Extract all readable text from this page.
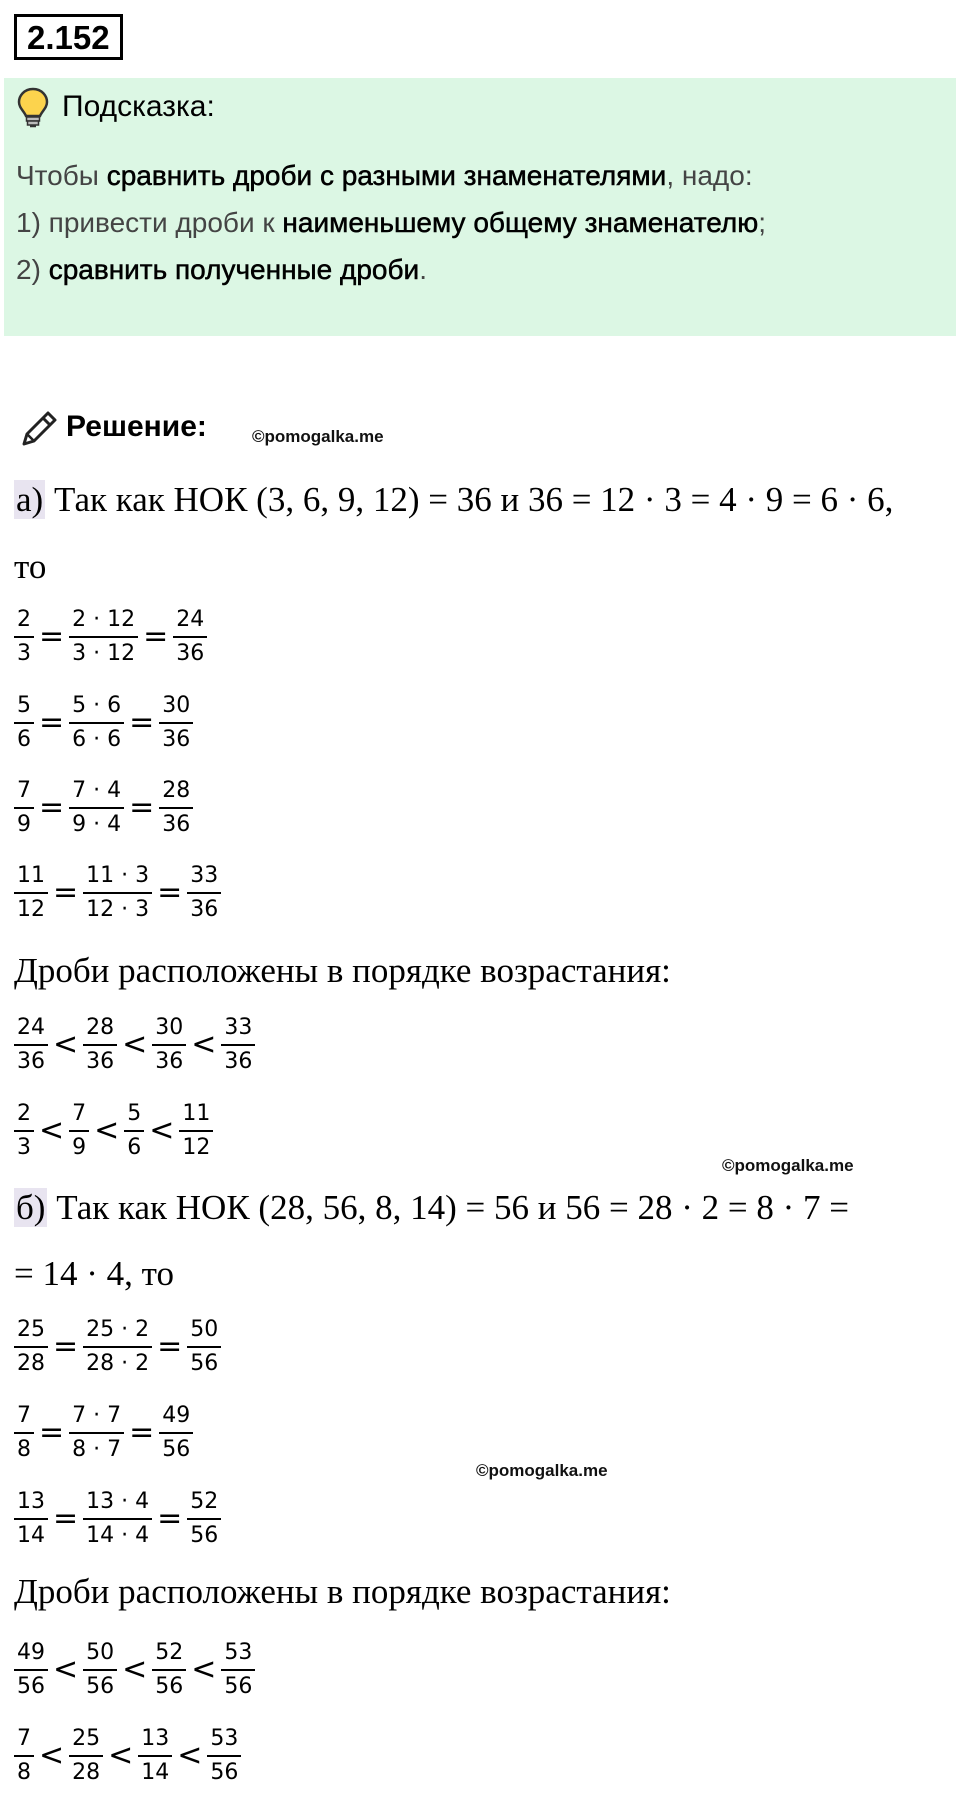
2.152
Подсказка:
Чтобы сравнить дроби с разными знаменателями, надо:
1) привести дроби к наименьшему общему знаменателю;
2) сравнить полученные дроби.
Решение:	©pomogalka.me
а) Так как НОК (3, 6, 9, 12) = 36 и 36 = 12 · 3 = 4 · 9 = 6 · 6,
то
$\frac{2}{3} = \frac{2 \cdot 12}{3 \cdot 12} = \frac{24}{36}$
$\frac{5}{6} = \frac{5 \cdot 6}{6 \cdot 6} = \frac{30}{36}$
$\frac{7}{9} = \frac{7 \cdot 4}{9 \cdot 4} = \frac{28}{36}$
$\frac{11}{12} = \frac{11 \cdot 3}{12 \cdot 3} = \frac{33}{36}$
Дроби расположены в порядке возрастания:
$\frac{24}{36} < \frac{28}{36} < \frac{30}{36} < \frac{33}{36}$
$\frac{2}{3} < \frac{7}{9} < \frac{5}{6} < \frac{11}{12}$
©pomogalka.me
б) Так как НОК (28, 56, 8, 14) = 56 и 56 = 28 · 2 = 8 · 7 =
= 14 · 4, то
$\frac{25}{28} = \frac{25 \cdot 2}{28 \cdot 2} = \frac{50}{56}$
$\frac{7}{8} = \frac{7 \cdot 7}{8 \cdot 7} = \frac{49}{56}$
©pomogalka.me
$\frac{13}{14} = \frac{13 \cdot 4}{14 \cdot 4} = \frac{52}{56}$
Дроби расположены в порядке возрастания:
$\frac{49}{56} < \frac{50}{56} < \frac{52}{56} < \frac{53}{56}$
$\frac{7}{8} < \frac{25}{28} < \frac{13}{14} < \frac{53}{56}$
